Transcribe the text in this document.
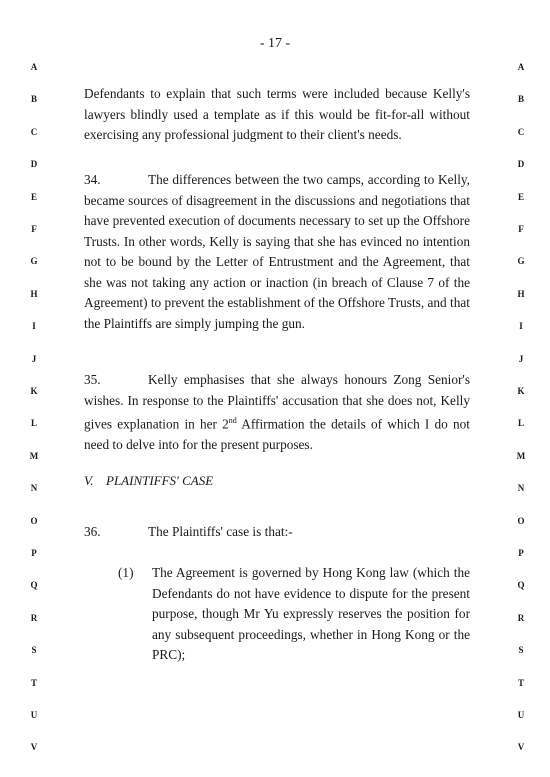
- 17 -
A
B
C
D
E
F
G
H
I
J
K
L
M
N
O
P
Q
R
S
T
U
V
A
B
C
D
E
F
G
H
I
J
K
L
M
N
O
P
Q
R
S
T
U
V

Defendants to explain that such terms were included because Kelly's lawyers blindly used a template as if this would be fit-for-all without exercising any professional judgment to their client's needs.

34.	The differences between the two camps, according to Kelly, became sources of disagreement in the discussions and negotiations that have prevented execution of documents necessary to set up the Offshore Trusts. In other words, Kelly is saying that she has evinced no intention not to be bound by the Letter of Entrustment and the Agreement, that she was not taking any action or inaction (in breach of Clause 7 of the Agreement) to prevent the establishment of the Offshore Trusts, and that the Plaintiffs are simply jumping the gun.

35.	Kelly emphasises that she always honours Zong Senior's wishes. In response to the Plaintiffs' accusation that she does not, Kelly gives explanation in her 2nd Affirmation the details of which I do not need to delve into for the present purposes.

V. PLAINTIFFS' CASE

36.	The Plaintiffs' case is that:-

(1) The Agreement is governed by Hong Kong law (which the Defendants do not have evidence to dispute for the present purpose, though Mr Yu expressly reserves the position for any subsequent proceedings, whether in Hong Kong or the PRC);
